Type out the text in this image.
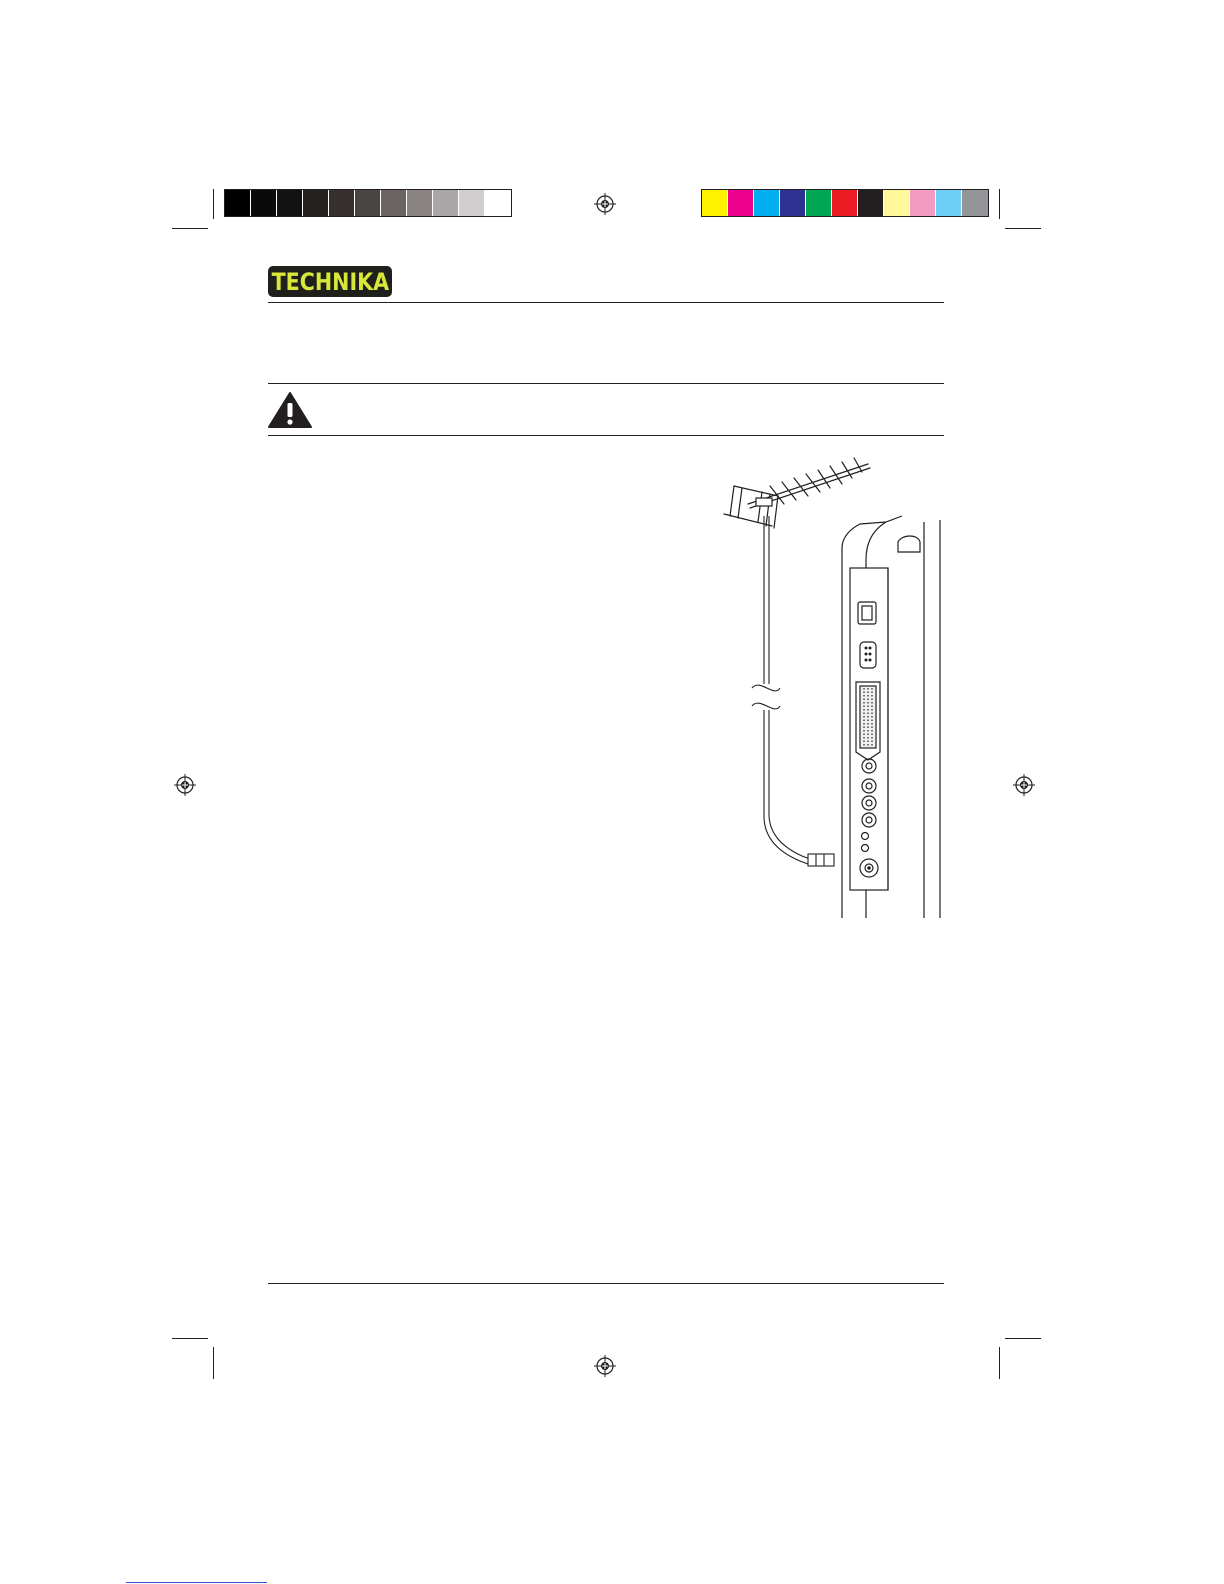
TECHNIKA
